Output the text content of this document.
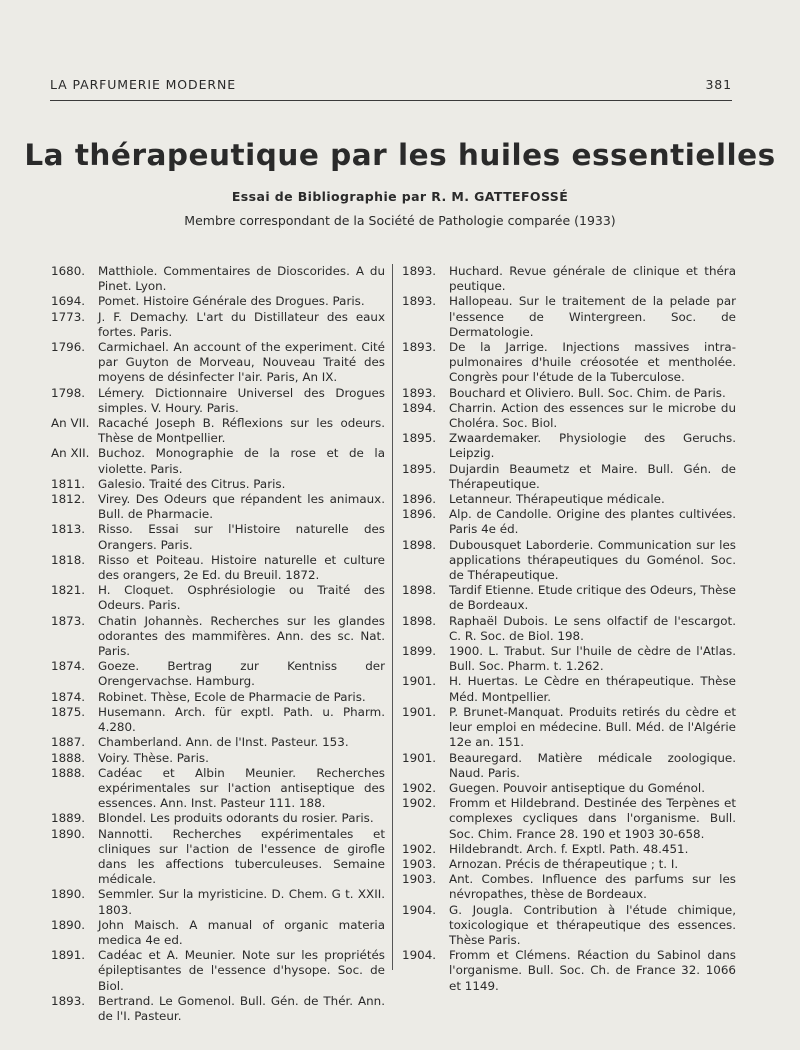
LA PARFUMERIE MODERNE	381
La thérapeutique par les huiles essentielles
Essai de Bibliographie par R. M. GATTEFOSSÉ
Membre correspondant de la Société de Pathologie comparée (1933)
1680.	Matthiole. Commentaires de Dioscorides. A du Pinet. Lyon.
1694.	Pomet. Histoire Générale des Drogues. Paris.
1773.	J. F. Demachy. L'art du Distillateur des eaux fortes. Paris.
1796.	Carmichael. An account of the experiment. Cité par Guyton de Morveau, Nouveau Traité des moyens de désinfecter l'air. Paris, An IX.
1798.	Lémery. Dictionnaire Universel des Drogues simples. V. Houry. Paris.
An VII. Racaché Joseph B. Réflexions sur les odeurs. Thèse de Montpellier.
An XII. Buchoz. Monographie de la rose et de la violette. Paris.
1811.	Galesio. Traité des Citrus. Paris.
1812.	Virey. Des Odeurs que répandent les animaux. Bull. de Pharmacie.
1813.	Risso. Essai sur l'Histoire naturelle des Orangers. Paris.
1818.	Risso et Poiteau. Histoire naturelle et culture des orangers, 2e Ed. du Breuil. 1872.
1821.	H. Cloquet. Osphrésiologie ou Traité des Odeurs. Paris.
1873.	Chatin Johannès. Recherches sur les glandes odorantes des mammifères. Ann. des sc. Nat. Paris.
1874.	Goeze. Bertrag zur Kentniss der Orengervachse. Hamburg.
1874.	Robinet. Thèse, Ecole de Pharmacie de Paris.
1875.	Husemann. Arch. für exptl. Path. u. Pharm. 4.280.
1887.	Chamberland. Ann. de l'Inst. Pasteur. 153.
1888.	Voiry. Thèse. Paris.
1888.	Cadéac et Albin Meunier. Recherches expérimentales sur l'action antiseptique des essences. Ann. Inst. Pasteur 111. 188.
1889.	Blondel. Les produits odorants du rosier. Paris.
1890.	Nannotti. Recherches expérimentales et cliniques sur l'action de l'essence de girofle dans les affections tuberculeuses. Semaine médicale.
1890.	Semmler. Sur la myristicine. D. Chem. G t. XXII. 1803.
1890.	John Maisch. A manual of organic materia medica 4e ed.
1891.	Cadéac et A. Meunier. Note sur les propriétés épileptisantes de l'essence d'hysope. Soc. de Biol.
1893.	Bertrand. Le Gomenol. Bull. Gén. de Thér. Ann. de l'I. Pasteur.
1893.	Huchard. Revue générale de clinique et théra peutique.
1893.	Hallopeau. Sur le traitement de la pelade par l'essence de Wintergreen. Soc. de Dermatologie.
1893.	De la Jarrige. Injections massives intra-pulmonaires d'huile créosotée et mentholée. Congrès pour l'étude de la Tuberculose.
1893.	Bouchard et Oliviero. Bull. Soc. Chim. de Paris.
1894.	Charrin. Action des essences sur le microbe du Choléra. Soc. Biol.
1895.	Zwaardemaker. Physiologie des Geruchs. Leipzig.
1895.	Dujardin Beaumetz et Maire. Bull. Gén. de Thérapeutique.
1896.	Letanneur. Thérapeutique médicale.
1896.	Alp. de Candolle. Origine des plantes cultivées. Paris 4e éd.
1898.	Dubousquet Laborderie. Communication sur les applications thérapeutiques du Goménol. Soc. de Thérapeutique.
1898.	Tardif Etienne. Etude critique des Odeurs, Thèse de Bordeaux.
1898.	Raphaël Dubois. Le sens olfactif de l'escargot. C. R. Soc. de Biol. 198.
1899.	1900. L. Trabut. Sur l'huile de cèdre de l'Atlas. Bull. Soc. Pharm. t. 1.262.
1901.	H. Huertas. Le Cèdre en thérapeutique. Thèse Méd. Montpellier.
1901.	P. Brunet-Manquat. Produits retirés du cèdre et leur emploi en médecine. Bull. Méd. de l'Algérie 12e an. 151.
1901.	Beauregard. Matière médicale zoologique. Naud. Paris.
1902.	Guegen. Pouvoir antiseptique du Goménol.
1902.	Fromm et Hildebrand. Destinée des Terpènes et complexes cycliques dans l'organisme. Bull. Soc. Chim. France 28. 190 et 1903 30-658.
1902.	Hildebrandt. Arch. f. Exptl. Path. 48.451.
1903.	Arnozan. Précis de thérapeutique ; t. I.
1903.	Ant. Combes. Influence des parfums sur les névropathes, thèse de Bordeaux.
1904.	G. Jougla. Contribution à l'étude chimique, toxicologique et thérapeutique des essences. Thèse Paris.
1904.	Fromm et Clémens. Réaction du Sabinol dans l'organisme. Bull. Soc. Ch. de France 32. 1066 et 1149.
